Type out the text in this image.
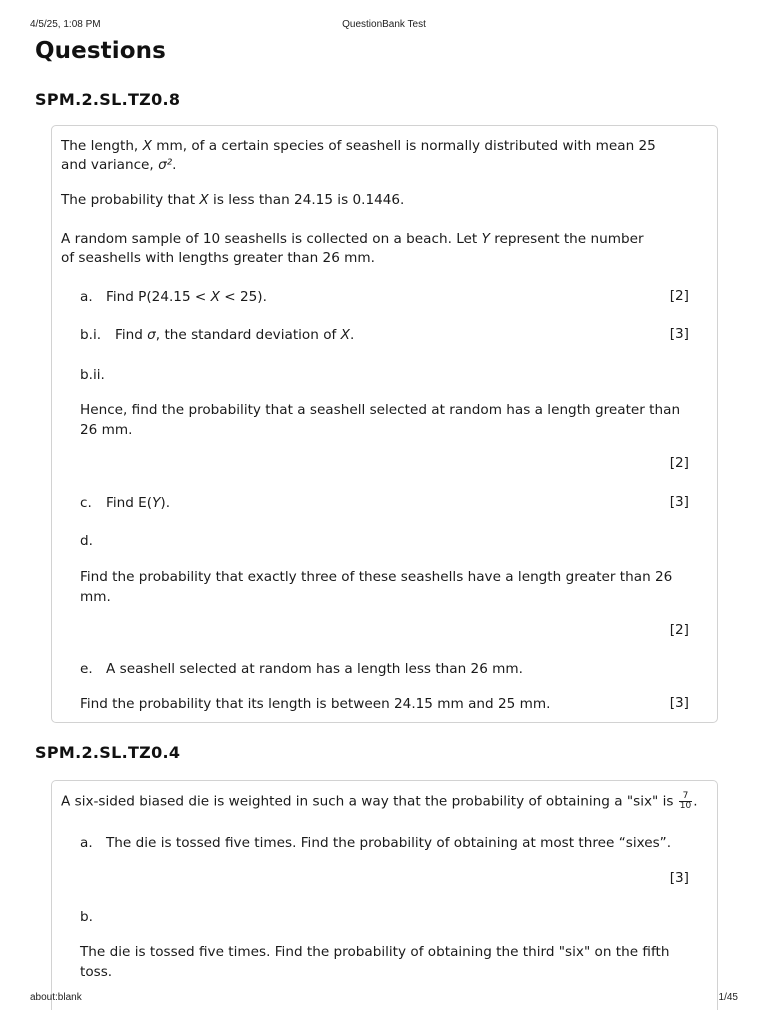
4/5/25, 1:08 PM	QuestionBank Test
Questions
SPM.2.SL.TZ0.8
The length, X mm, of a certain species of seashell is normally distributed with mean 25
and variance, σ².
The probability that X is less than 24.15 is 0.1446.
A random sample of 10 seashells is collected on a beach. Let Y represent the number
of seashells with lengths greater than 26 mm.
a. Find P(24.15 < X < 25).	[2]
b.i. Find σ, the standard deviation of X.	[3]
b.ii.
Hence, find the probability that a seashell selected at random has a length greater than
26 mm.
[2]
c. Find E(Y).	[3]
d.
Find the probability that exactly three of these seashells have a length greater than 26
mm.
[2]
e. A seashell selected at random has a length less than 26 mm.
Find the probability that its length is between 24.15 mm and 25 mm.	[3]
SPM.2.SL.TZ0.4
A six-sided biased die is weighted in such a way that the probability of obtaining a "six" is $\frac{7}{10}$ .
a. The die is tossed five times. Find the probability of obtaining at most three “sixes”.
[3]
b.
The die is tossed five times. Find the probability of obtaining the third "six" on the fifth
toss.
about:blank	1/45
